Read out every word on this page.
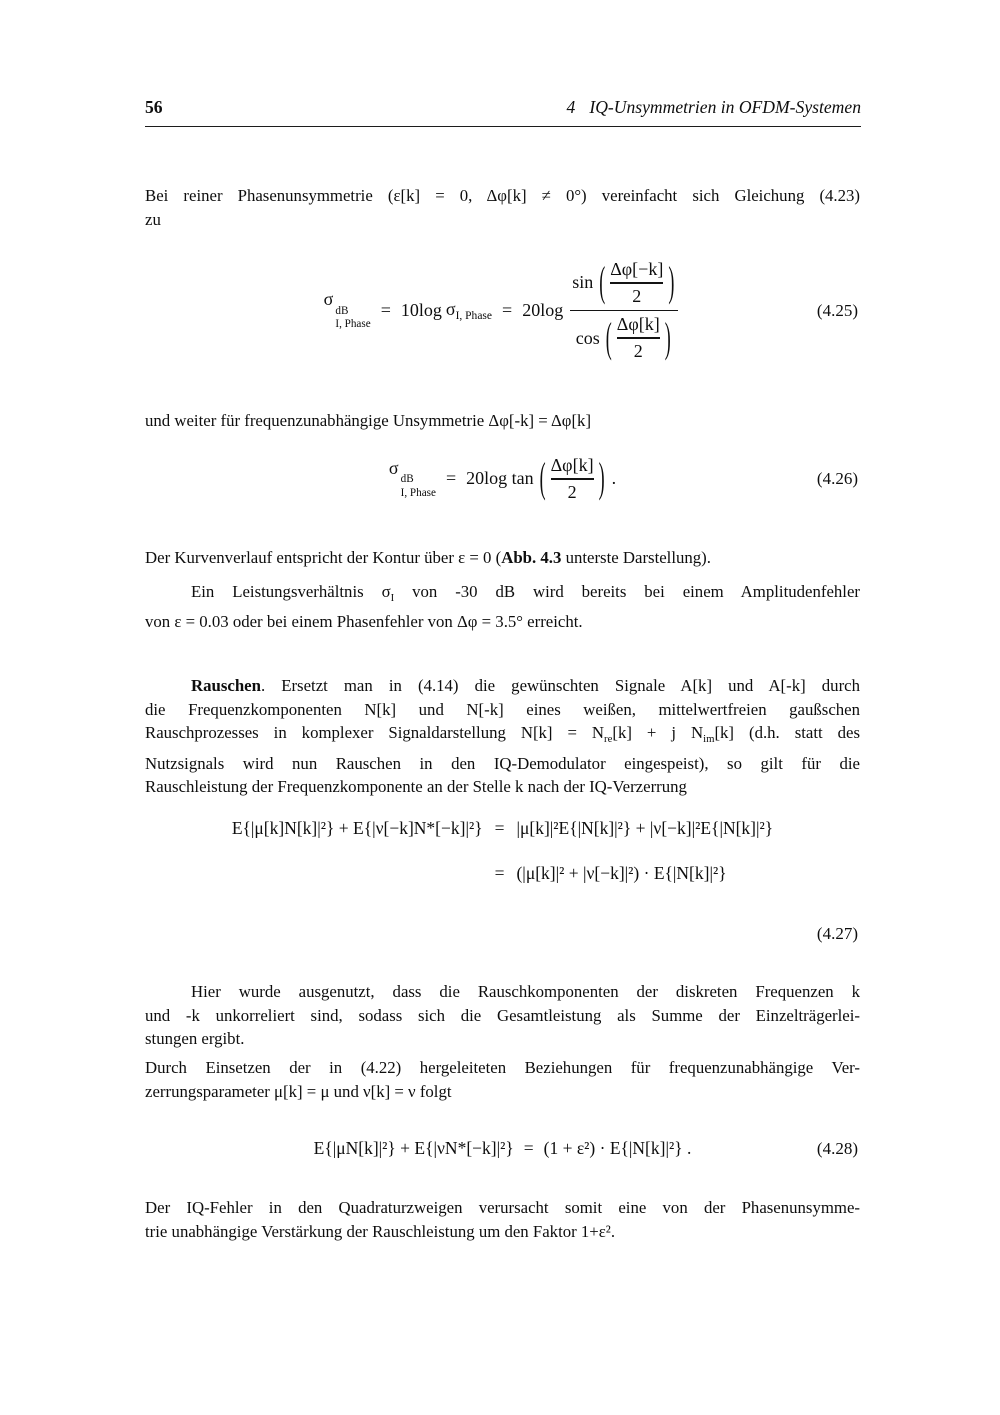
56	4 IQ-Unsymmetrien in OFDM-Systemen
Bei reiner Phasenunsymmetrie (ε[k] = 0, Δφ[k] ≠ 0°) vereinfacht sich Gleichung (4.23)
zu
σ
dB
I, Phase
= 10log $\sigma_{I, Phase} = 20\log$
sin ( Δφ[−k]
2 )
cos ( Δφ[k]
2 )
(4.25)
und weiter für frequenzunabhängige Unsymmetrie Δφ[-k] = Δφ[k]
σ
dB
I, Phase
= 20log tan ( Δφ[k]
2 ) .	(4.26)
Der Kurvenverlauf entspricht der Kontur über ε = 0 (Abb. 4.3 unterste Darstellung).
Ein Leistungsverhältnis $\sigma_I$ von -30 dB wird bereits bei einem Amplitudenfehler
von ε = 0.03 oder bei einem Phasenfehler von Δφ = 3.5° erreicht.
Rauschen. Ersetzt man in (4.14) die gewünschten Signale A[k] und A[-k] durch
die Frequenzkomponenten N[k] und N[-k] eines weißen, mittelwertfreien gaußschen
Rauschprozesses in komplexer Signaldarstellung $N[k] = N_{re}[k] + j$ $N_{im}[k]$ (d.h. statt des
Nutzsignals wird nun Rauschen in den IQ-Demodulator eingespeist), so gilt für die
Rauschleistung der Frequenzkomponente an der Stelle k nach der IQ-Verzerrung
E{|μ[k]N[k]|²} + E{|ν[−k]N*[−k]|²} = |μ[k]|²E{|N[k]|²} + |ν[−k]|²E{|N[k]|²}
= (|μ[k]|² + |ν[−k]|²) · E{|N[k]|²}
(4.27)
Hier wurde ausgenutzt, dass die Rauschkomponenten der diskreten Frequenzen k
und -k unkorreliert sind, sodass sich die Gesamtleistung als Summe der Einzelträgerlei-
stungen ergibt.
Durch Einsetzen der in (4.22) hergeleiteten Beziehungen für frequenzunabhängige Ver-
zerrungsparameter μ[k] = μ und ν[k] = ν folgt
E{|μN[k]|²} + E{|νN*[−k]|²} = (1 + ε²) · E{|N[k]|²} .	(4.28)
Der IQ-Fehler in den Quadraturzweigen verursacht somit eine von der Phasenunsymme-
trie unabhängige Verstärkung der Rauschleistung um den Faktor 1+ε².
